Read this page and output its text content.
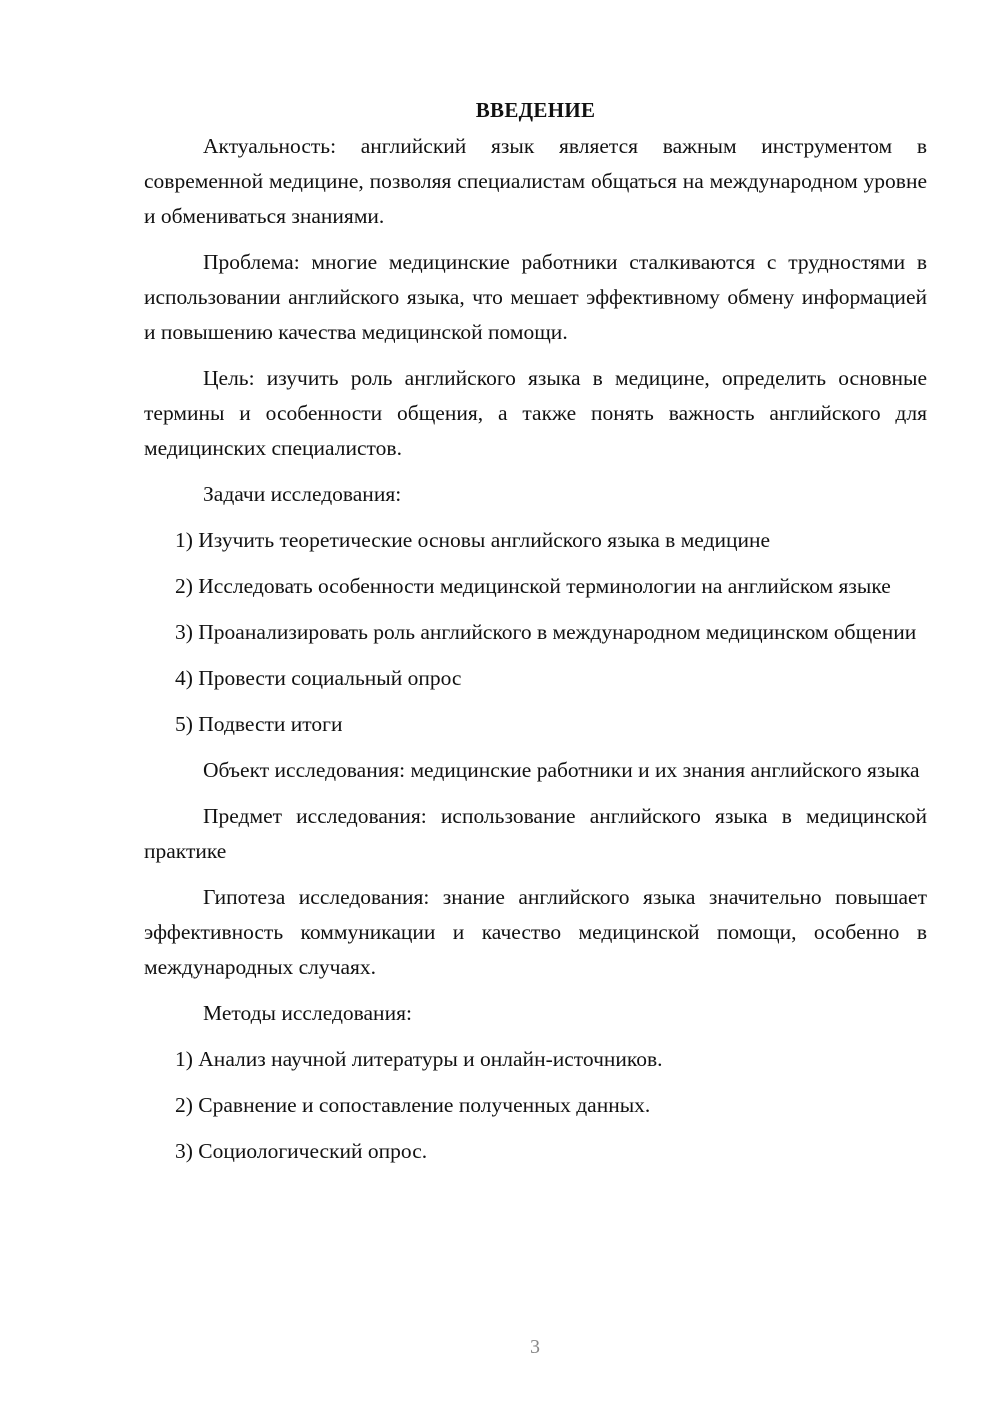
ВВЕДЕНИЕ

Актуальность: английский язык является важным инструментом в современной медицине, позволяя специалистам общаться на международном уровне и обмениваться знаниями.

Проблема: многие медицинские работники сталкиваются с трудностями в использовании английского языка, что мешает эффективному обмену информацией и повышению качества медицинской помощи.

Цель: изучить роль английского языка в медицине, определить основные термины и особенности общения, а также понять важность английского для медицинских специалистов.

Задачи исследования:

1) Изучить теоретические основы английского языка в медицине

2) Исследовать особенности медицинской терминологии на английском языке

3) Проанализировать роль английского в международном медицинском общении

4) Провести социальный опрос

5) Подвести итоги

Объект исследования: медицинские работники и их знания английского языка

Предмет исследования: использование английского языка в медицинской практике

Гипотеза исследования: знание английского языка значительно повышает эффективность коммуникации и качество медицинской помощи, особенно в международных случаях.

Методы исследования:

1) Анализ научной литературы и онлайн-источников.

2) Сравнение и сопоставление полученных данных.

3) Социологический опрос.

3
